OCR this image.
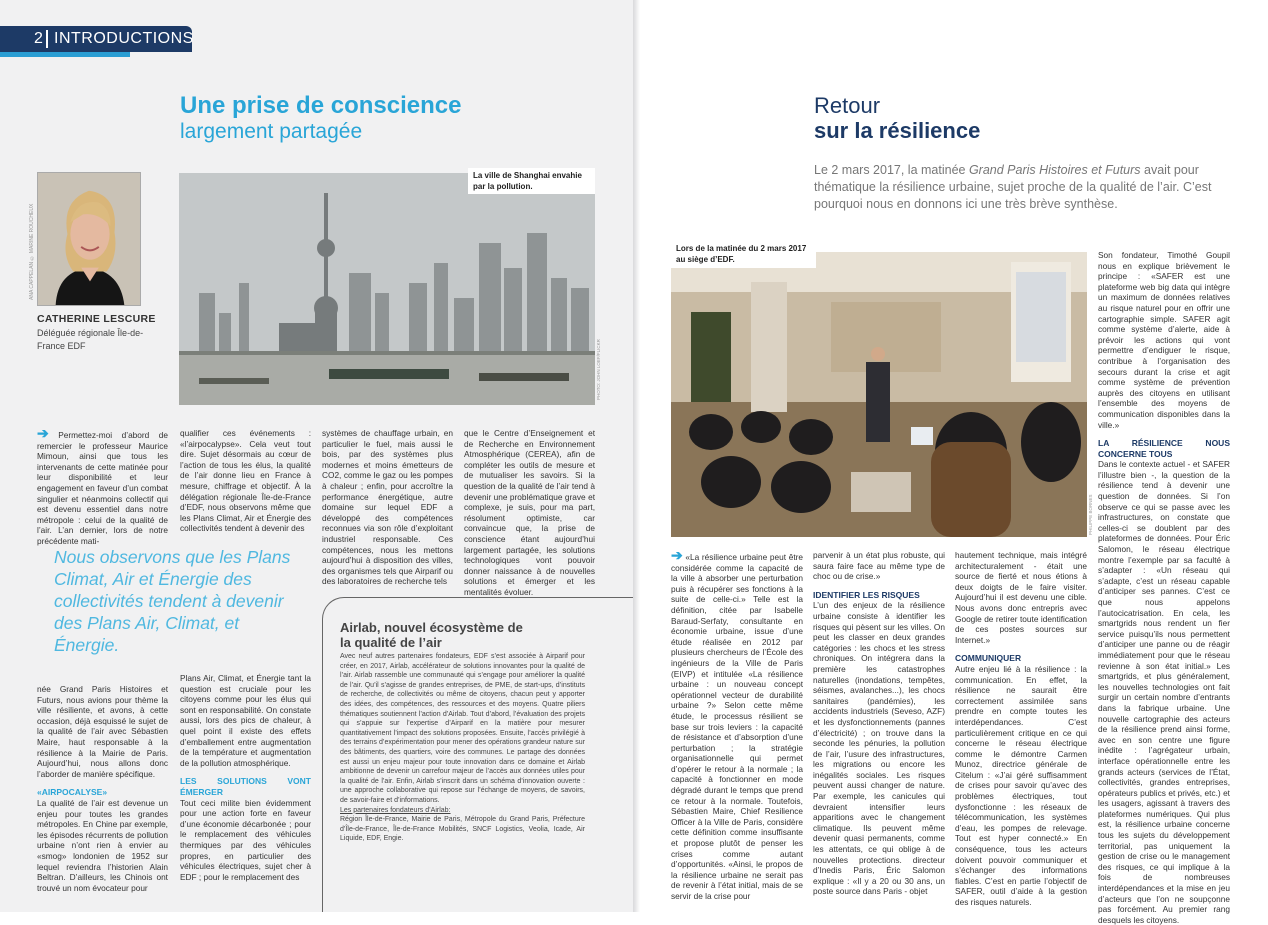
2 INTRODUCTIONS
Une prise de conscience
largement partagée
ANA CAPPELAN © MARINE ROUCHEUX
CATHERINE LESCURE
Déléguée régionale Île-de-France EDF
La ville de Shanghai envahie par la pollution.
PHOTO: JOHN LOEF/FLICKR
➔ Permettez-moi d’abord de remercier le professeur Maurice Mimoun, ainsi que tous les intervenants de cette matinée pour leur disponibilité et leur engagement en faveur d’un combat singulier et néanmoins collectif qui est devenu essentiel dans notre métropole : celui de la qualité de l’air. L’an dernier, lors de notre précédente mati-
Nous observons que les Plans Climat, Air et Énergie des collectivités tendent à devenir des Plans Air, Climat, et Énergie.
née Grand Paris Histoires et Futurs, nous avions pour thème la ville résiliente, et avons, à cette occasion, déjà esquissé le sujet de la qualité de l’air avec Sébastien Maire, haut responsable à la résilience à la Mairie de Paris. Aujourd’hui, nous allons donc l’aborder de manière spécifique.
«AIRPOCALYSE»
La qualité de l’air est devenue un enjeu pour toutes les grandes métropoles. En Chine par exemple, les épisodes récurrents de pollution urbaine n’ont rien à envier au «smog» londonien de 1952 sur lequel reviendra l’historien Alain Beltran. D’ailleurs, les Chinois ont trouvé un nom évocateur pour
qualifier ces événements : «l’airpocalypse». Cela veut tout dire. Sujet désormais au cœur de l’action de tous les élus, la qualité de l’air donne lieu en France à mesure, chiffrage et objectif. À la délégation régionale Île-de-France d’EDF, nous observons même que les Plans Climat, Air et Énergie des collectivités tendent à devenir des
Plans Air, Climat, et Énergie tant la question est cruciale pour les citoyens comme pour les élus qui sont en responsabilité. On constate aussi, lors des pics de chaleur, à quel point il existe des effets d’emballement entre augmentation de la température et augmentation de la pollution atmosphérique.
LES SOLUTIONS VONT ÉMERGER
Tout ceci milite bien évidemment pour une action forte en faveur d’une économie décarbonée ; pour le remplacement des véhicules thermiques par des véhicules propres, en particulier des véhicules électriques, sujet cher à EDF ; pour le remplacement des
systèmes de chauffage urbain, en particulier le fuel, mais aussi le bois, par des systèmes plus modernes et moins émetteurs de CO2, comme le gaz ou les pompes à chaleur ; enfin, pour accroître la performance énergétique, autre domaine sur lequel EDF a développé des compétences reconnues via son rôle d’exploitant industriel responsable. Ces compétences, nous les mettons aujourd’hui à disposition des villes, des organismes tels que Airparif ou des laboratoires de recherche tels
que le Centre d’Enseignement et de Recherche en Environnement Atmosphérique (CEREA), afin de compléter les outils de mesure et de mutualiser les savoirs. Si la question de la qualité de l’air tend à devenir une problématique grave et complexe, je suis, pour ma part, résolument optimiste, car convaincue que, la prise de conscience étant aujourd’hui largement partagée, les solutions technologiques vont pouvoir donner naissance à de nouvelles solutions et émerger et les mentalités évoluer.
Airlab, nouvel écosystème de
la qualité de l’air
Avec neuf autres partenaires fondateurs, EDF s’est associée à Airparif pour créer, en 2017, Airlab, accélérateur de solutions innovantes pour la qualité de l’air. Airlab rassemble une communauté qui s’engage pour améliorer la qualité de l’air. Qu’il s’agisse de grandes entreprises, de PME, de start-ups, d’instituts de recherche, de collectivités ou même de citoyens, chacun peut y apporter des idées, des compétences, des ressources et des moyens. Quatre piliers thématiques soutiennent l’action d’Airlab. Tout d’abord, l’évaluation des projets qui s’appuie sur l’expertise d’Airparif en la matière pour mesurer quantitativement l’impact des solutions proposées. Ensuite, l’accès privilégié à des terrains d’expérimentation pour mener des opérations grandeur nature sur des bâtiments, des quartiers, voire des communes. Le partage des données est aussi un enjeu majeur pour toute innovation dans ce domaine et Airlab ambitionne de devenir un carrefour majeur de l’accès aux données utiles pour la qualité de l’air. Enfin, Airlab s’inscrit dans un schéma d’innovation ouverte : une approche collaborative qui repose sur l’échange de moyens, de savoirs, de savoir-faire et d’informations.
Les partenaires fondateurs d’Airlab:
Région Île-de-France, Mairie de Paris, Métropole du Grand Paris, Préfecture d’Île-de-France, Île-de-France Mobilités, SNCF Logistics, Veolia, Icade, Air Liquide, EDF, Engie.
Retour
sur la résilience
Le 2 mars 2017, la matinée Grand Paris Histoires et Futurs avait pour thématique la résilience urbaine, sujet proche de la qualité de l’air. C’est pourquoi nous en donnons ici une très brève synthèse.
Lors de la matinée du 2 mars 2017 au siège d’EDF.
PHILIPPE BORNES
➔ «La résilience urbaine peut être considérée comme la capacité de la ville à absorber une perturbation puis à récupérer ses fonctions à la suite de celle-ci.» Telle est la définition, citée par Isabelle Baraud-Serfaty, consultante en économie urbaine, issue d’une étude réalisée en 2012 par plusieurs chercheurs de l’École des ingénieurs de la Ville de Paris (EIVP) et intitulée «La résilience urbaine : un nouveau concept opérationnel vecteur de durabilité urbaine ?» Selon cette même étude, le processus résilient se base sur trois leviers : la capacité de résistance et d’absorption d’une perturbation ; la stratégie organisationnelle qui permet d’opérer le retour à la normale ; la capacité à fonctionner en mode dégradé durant le temps que prend ce retour à la normale. Toutefois, Sébastien Maire, Chief Resilience Officer à la Ville de Paris, considère cette définition comme insuffisante et propose plutôt de penser les crises comme autant d’opportunités. «Ainsi, le propos de la résilience urbaine ne serait pas de revenir à l’état initial, mais de se servir de la crise pour
parvenir à un état plus robuste, qui saura faire face au même type de choc ou de crise.»
IDENTIFIER LES RISQUES
L’un des enjeux de la résilience urbaine consiste à identifier les risques qui pèsent sur les villes. On peut les classer en deux grandes catégories : les chocs et les stress chroniques. On intégrera dans la première les catastrophes naturelles (inondations, tempêtes, séismes, avalanches...), les chocs sanitaires (pandémies), les accidents industriels (Seveso, AZF) et les dysfonctionnements (pannes d’électricité) ; on trouve dans la seconde les pénuries, la pollution de l’air, l’usure des infrastructures, les migrations ou encore les inégalités sociales. Les risques peuvent aussi changer de nature. Par exemple, les canicules qui devraient intensifier leurs apparitions avec le changement climatique. Ils peuvent même devenir quasi permanents, comme les attentats, ce qui oblige à de nouvelles protections. directeur d’Inedis Paris, Éric Salomon explique : «Il y a 20 ou 30 ans, un poste source dans Paris - objet
hautement technique, mais intégré architecturalement - était une source de fierté et nous étions à deux doigts de le faire visiter. Aujourd’hui il est devenu une cible. Nous avons donc entrepris avec Google de retirer toute identification de ces postes sources sur Internet.»
COMMUNIQUER
Autre enjeu lié à la résilience : la communication. En effet, la résilience ne saurait être correctement assimilée sans prendre en compte toutes les interdépendances. C’est particulièrement critique en ce qui concerne le réseau électrique comme le démontre Carmen Munoz, directrice générale de Citelum : «J’ai géré suffisamment de crises pour savoir qu’avec des problèmes électriques, tout dysfonctionne : les réseaux de télécommunication, les systèmes d’eau, les pompes de relevage. Tout est hyper connecté.» En conséquence, tous les acteurs doivent pouvoir communiquer et s’échanger des informations fiables. C’est en partie l’objectif de SAFER, outil d’aide à la gestion des risques naturels.
Son fondateur, Timothé Goupil nous en explique brièvement le principe : «SAFER est une plateforme web big data qui intègre un maximum de données relatives au risque naturel pour en offrir une cartographie simple. SAFER agit comme système d’alerte, aide à prévoir les actions qui vont permettre d’endiguer le risque, contribue à l’organisation des secours durant la crise et agit comme système de prévention auprès des citoyens en utilisant l’ensemble des moyens de communication disponibles dans la ville.»
LA RÉSILIENCE NOUS CONCERNE TOUS
Dans le contexte actuel - et SAFER l’illustre bien -, la question de la résilience tend à devenir une question de données. Si l’on observe ce qui se passe avec les infrastructures, on constate que celles-ci se doublent par des plateformes de données. Pour Éric Salomon, le réseau électrique montre l’exemple par sa faculté à s’adapter : «Un réseau qui s’adapte, c’est un réseau capable d’anticiper ses pannes. C’est ce que nous appelons l’autocicatrisation. En cela, les smartgrids nous rendent un fier service puisqu’ils nous permettent d’anticiper une panne ou de réagir immédiatement pour que le réseau revienne à son état initial.» Les smartgrids, et plus généralement, les nouvelles technologies ont fait surgir un certain nombre d’entrants dans la fabrique urbaine. Une nouvelle cartographie des acteurs de la résilience prend ainsi forme, avec en son centre une figure inédite : l’agrégateur urbain, interface opérationnelle entre les grands acteurs (services de l’État, collectivités, grandes entreprises, opérateurs publics et privés, etc.) et les usagers, agissant à travers des plateformes numériques. Qui plus est, la résilience urbaine concerne tous les sujets du développement territorial, pas uniquement la gestion de crise ou le management des risques, ce qui implique à la fois de nombreuses interdépendances et la mise en jeu d’acteurs que l’on ne soupçonne pas forcément. Au premier rang desquels les citoyens.
